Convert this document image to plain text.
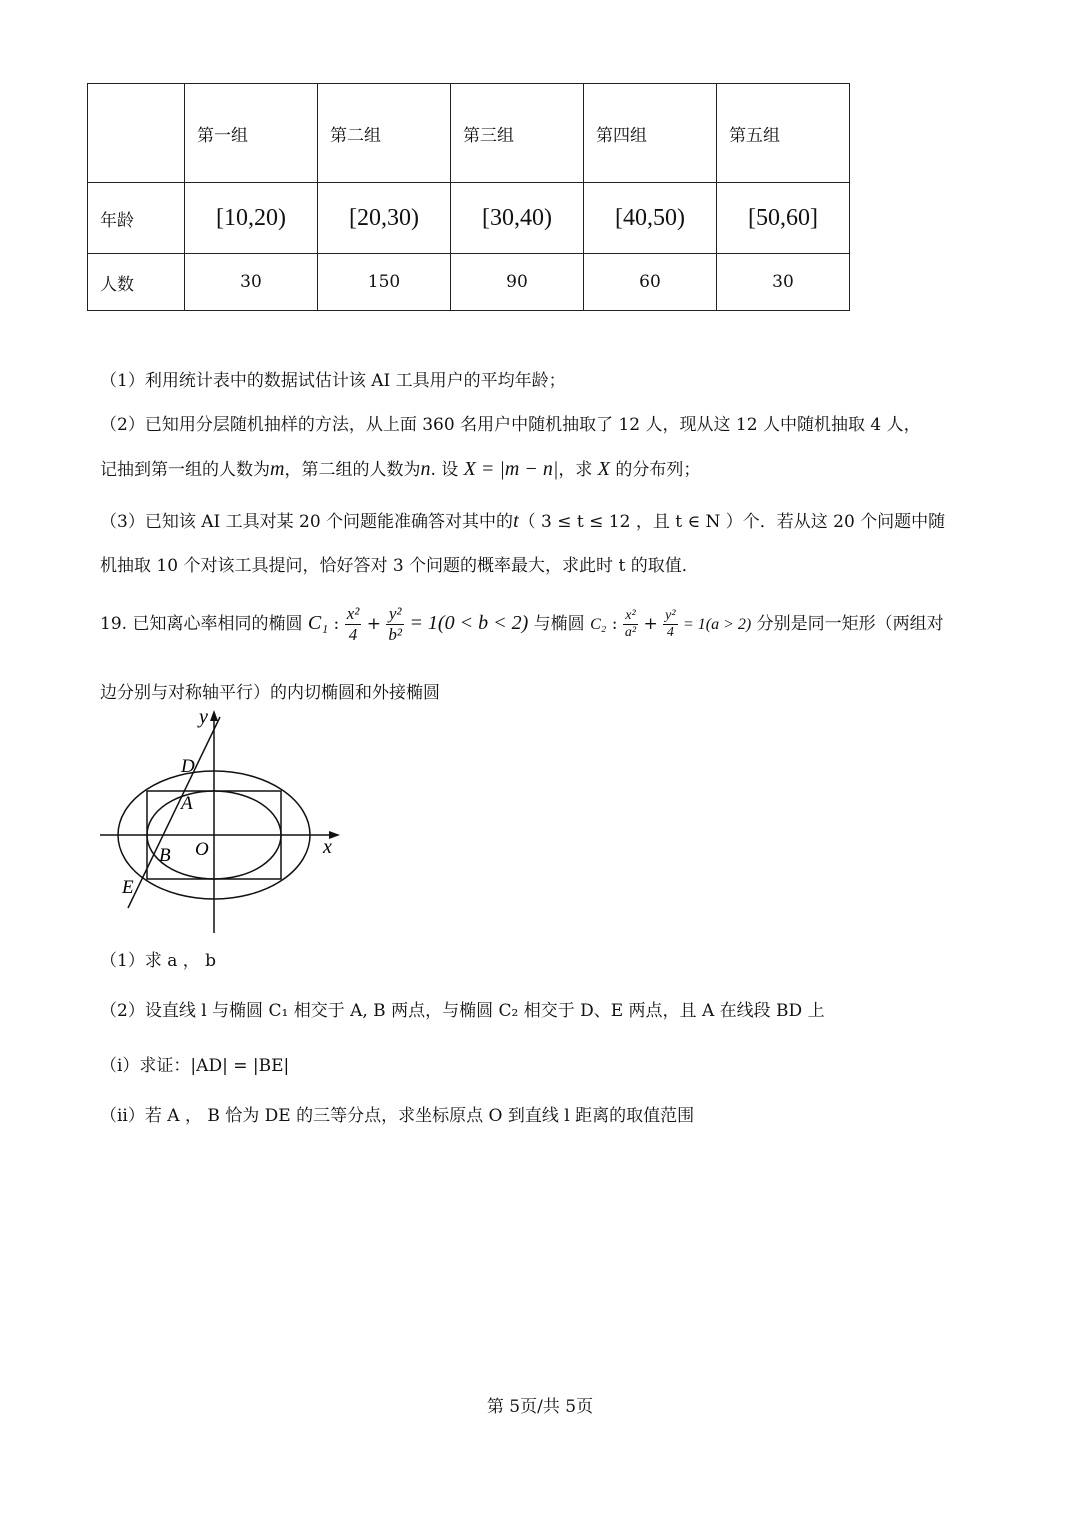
	第一组	第二组	第三组	第四组	第五组
年龄	[10,20)	[20,30)	[30,40)	[40,50)	[50,60]
人数	30	150	90	60	30
（1）利用统计表中的数据试估计该 AI 工具用户的平均年龄；
（2）已知用分层随机抽样的方法，从上面 360 名用户中随机抽取了 12 人，现从这 12 人中随机抽取 4 人，
记抽到第一组的人数为m，第二组的人数为n. 设 X = |m − n|，求 X 的分布列；
（3）已知该 AI 工具对某 20 个问题能准确答对其中的t（ 3 ≤ t ≤ 12 ，且 t ∈ N ）个．若从这 20 个问题中随
机抽取 10 个对该工具提问，恰好答对 3 个问题的概率最大，求此时 t 的取值．
19. 已知离心率相同的椭圆 C₁ : $\frac{\text{x²}}{4} + \frac{\text{y²}}{\text{b²}} = 1(0 < b < 2)$ 与椭圆 C₂ : $\frac{\text{x²}}{\text{a²}} + \frac{\text{y²}}{4} = 1(a > 2)$ 分别是同一矩形（两组对
边分别与对称轴平行）的内切椭圆和外接椭圆
y
x
D
A
O
B
E
（1）求 a ， b
（2）设直线 l 与椭圆 C₁ 相交于 A, B 两点，与椭圆 C₂ 相交于 D、E 两点，且 A 在线段 BD 上
（i）求证：|AD| = |BE|
（ii）若 A ， B 恰为 DE 的三等分点，求坐标原点 O 到直线 l 距离的取值范围
第 5页/共 5页
